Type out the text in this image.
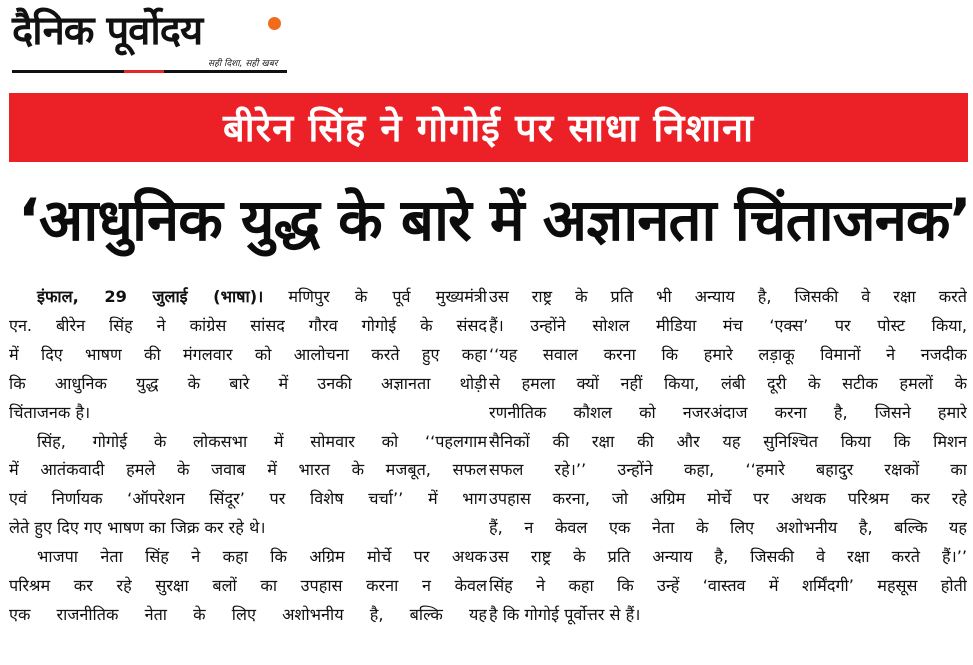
दैनिक पूर्वोदय
सही दिशा, सही खबर
बीरेन सिंह ने गोगोई पर साधा निशाना
‘आधुनिक युद्ध के बारे में अज्ञानता चिंताजनक’
इंफाल, 29 जुलाई (भाषा)। मणिपुर के पूर्व मुख्यमंत्री
एन. बीरेन सिंह ने कांग्रेस सांसद गौरव गोगोई के संसद
में दिए भाषण की मंगलवार को आलोचना करते हुए कहा
कि आधुनिक युद्ध के बारे में उनकी अज्ञानता थोड़ी
चिंताजनक है।
सिंह, गोगोई के लोकसभा में सोमवार को ‘‘पहलगाम
में आतंकवादी हमले के जवाब में भारत के मजबूत, सफल
एवं निर्णायक ‘ऑपरेशन सिंदूर’ पर विशेष चर्चा’’ में भाग
लेते हुए दिए गए भाषण का जिक्र कर रहे थे।
भाजपा नेता सिंह ने कहा कि अग्रिम मोर्चे पर अथक
परिश्रम कर रहे सुरक्षा बलों का उपहास करना न केवल
एक राजनीतिक नेता के लिए अशोभनीय है, बल्कि यह
उस राष्ट्र के प्रति भी अन्याय है, जिसकी वे रक्षा करते
हैं। उन्होंने सोशल मीडिया मंच ‘एक्स’ पर पोस्ट किया,
‘‘यह सवाल करना कि हमारे लड़ाकू विमानों ने नजदीक
से हमला क्यों नहीं किया, लंबी दूरी के सटीक हमलों के
रणनीतिक कौशल को नजरअंदाज करना है, जिसने हमारे
सैनिकों की रक्षा की और यह सुनिश्चित किया कि मिशन
सफल रहे।’’ उन्होंने कहा, ‘‘हमारे बहादुर रक्षकों का
उपहास करना, जो अग्रिम मोर्चे पर अथक परिश्रम कर रहे
हैं, न केवल एक नेता के लिए अशोभनीय है, बल्कि यह
उस राष्ट्र के प्रति अन्याय है, जिसकी वे रक्षा करते हैं।’’
सिंह ने कहा कि उन्हें ‘वास्तव में शर्मिंदगी’ महसूस होती
है कि गोगोई पूर्वोत्तर से हैं।
